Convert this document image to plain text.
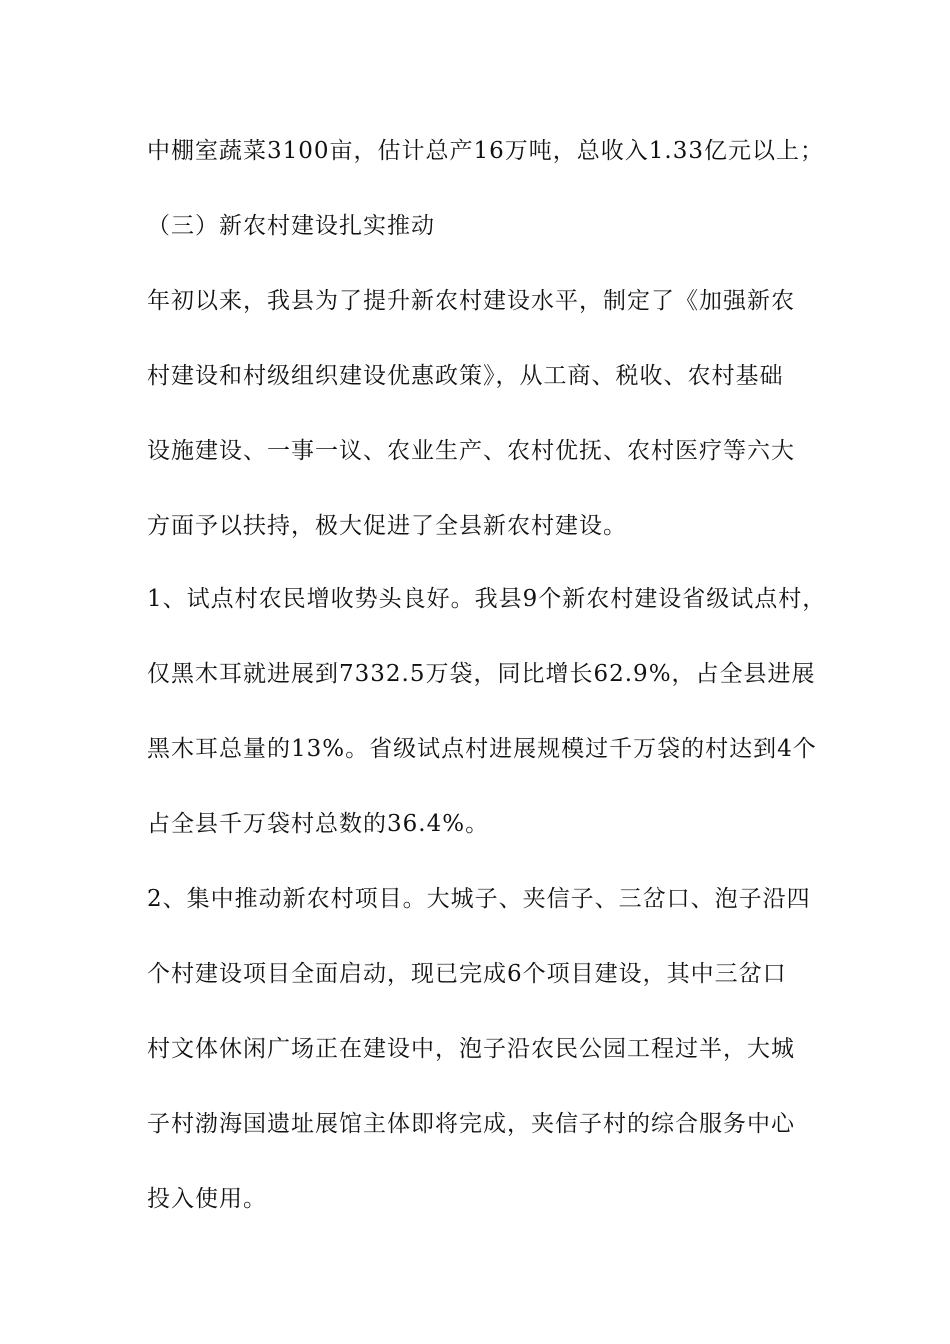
中棚室蔬菜3100亩，估计总产16万吨，总收入1.33亿元以上；
（三）新农村建设扎实推动
年初以来，我县为了提升新农村建设水平，制定了《加强新农
村建设和村级组织建设优惠政策》，从工商、税收、农村基础
设施建设、一事一议、农业生产、农村优抚、农村医疗等六大
方面予以扶持，极大促进了全县新农村建设。
1、试点村农民增收势头良好。我县9个新农村建设省级试点村，
仅黑木耳就进展到7332.5万袋，同比增长62.9%，占全县进展
黑木耳总量的13%。省级试点村进展规模过千万袋的村达到4个
占全县千万袋村总数的36.4%。
2、集中推动新农村项目。大城子、夹信子、三岔口、泡子沿四
个村建设项目全面启动，现已完成6个项目建设，其中三岔口
村文体休闲广场正在建设中，泡子沿农民公园工程过半，大城
子村渤海国遗址展馆主体即将完成，夹信子村的综合服务中心
投入使用。
